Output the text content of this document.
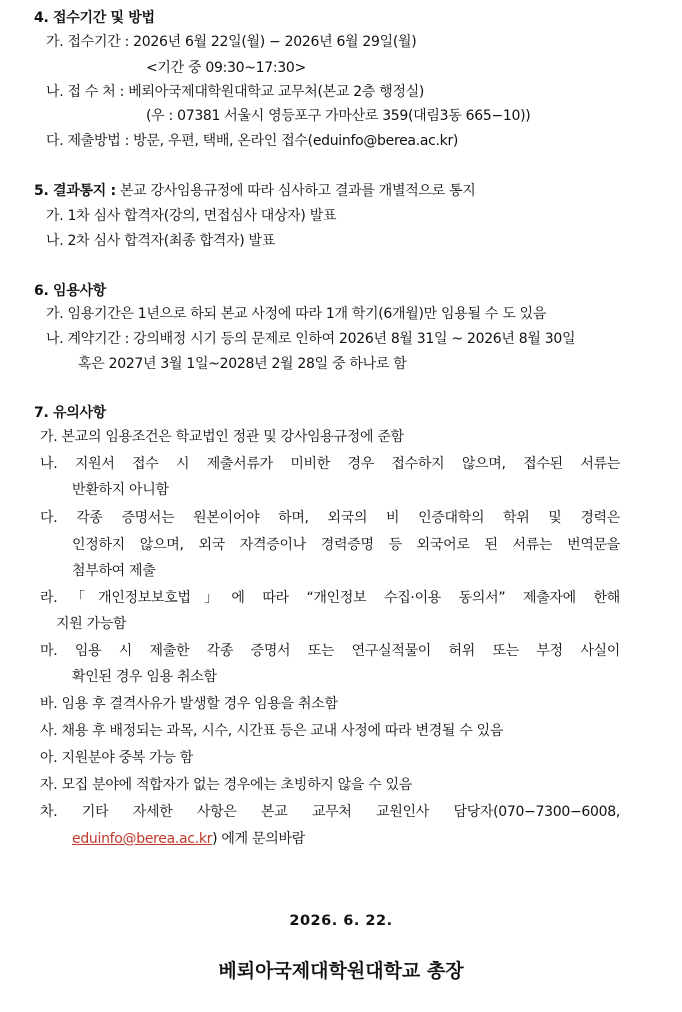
4. 접수기간 및 방법
가. 접수기간 : 2026년 6월 22일(월) − 2026년 6월 29일(월)
<기간 중 09:30~17:30>
나. 접 수 처 : 베뢰아국제대학원대학교 교무처(본교 2층 행정실)
(우 : 07381 서울시 영등포구 가마산로 359(대림3동 665−10))
다. 제출방법 : 방문, 우편, 택배, 온라인 접수(eduinfo@berea.ac.kr)
5. 결과통지 : 본교 강사임용규정에 따라 심사하고 결과를 개별적으로 통지
가. 1차 심사 합격자(강의, 면접심사 대상자) 발표
나. 2차 심사 합격자(최종 합격자) 발표
6. 임용사항
가. 임용기간은 1년으로 하되 본교 사정에 따라 1개 학기(6개월)만 임용될 수 도 있음
나. 계약기간 : 강의배정 시기 등의 문제로 인하여 2026년 8월 31일 ~ 2026년 8월 30일
혹은 2027년 3월 1일~2028년 2월 28일 중 하나로 함
7. 유의사항
가. 본교의 임용조건은 학교법인 정관 및 강사임용규정에 준함
나. 지원서 접수 시 제출서류가 미비한 경우 접수하지 않으며, 접수된 서류는
반환하지 아니함
다. 각종 증명서는 원본이어야 하며, 외국의 비 인증대학의 학위 및 경력은
인정하지 않으며, 외국 자격증이나 경력증명 등 외국어로 된 서류는 번역문을
첨부하여 제출
라.「개인정보보호법」에 따라 “개인정보 수집·이용 동의서” 제출자에 한해
지원 가능함
마. 임용 시 제출한 각종 증명서 또는 연구실적물이 허위 또는 부정 사실이
확인된 경우 임용 취소함
바. 임용 후 결격사유가 발생할 경우 임용을 취소함
사. 채용 후 배정되는 과목, 시수, 시간표 등은 교내 사정에 따라 변경될 수 있음
아. 지원분야 중복 가능 함
자. 모집 분야에 적합자가 없는 경우에는 초빙하지 않을 수 있음
차. 기타 자세한 사항은 본교 교무처 교원인사 담당자(070−7300−6008,
eduinfo@berea.ac.kr) 에게 문의바람
2026. 6. 22.
베뢰아국제대학원대학교 총장
